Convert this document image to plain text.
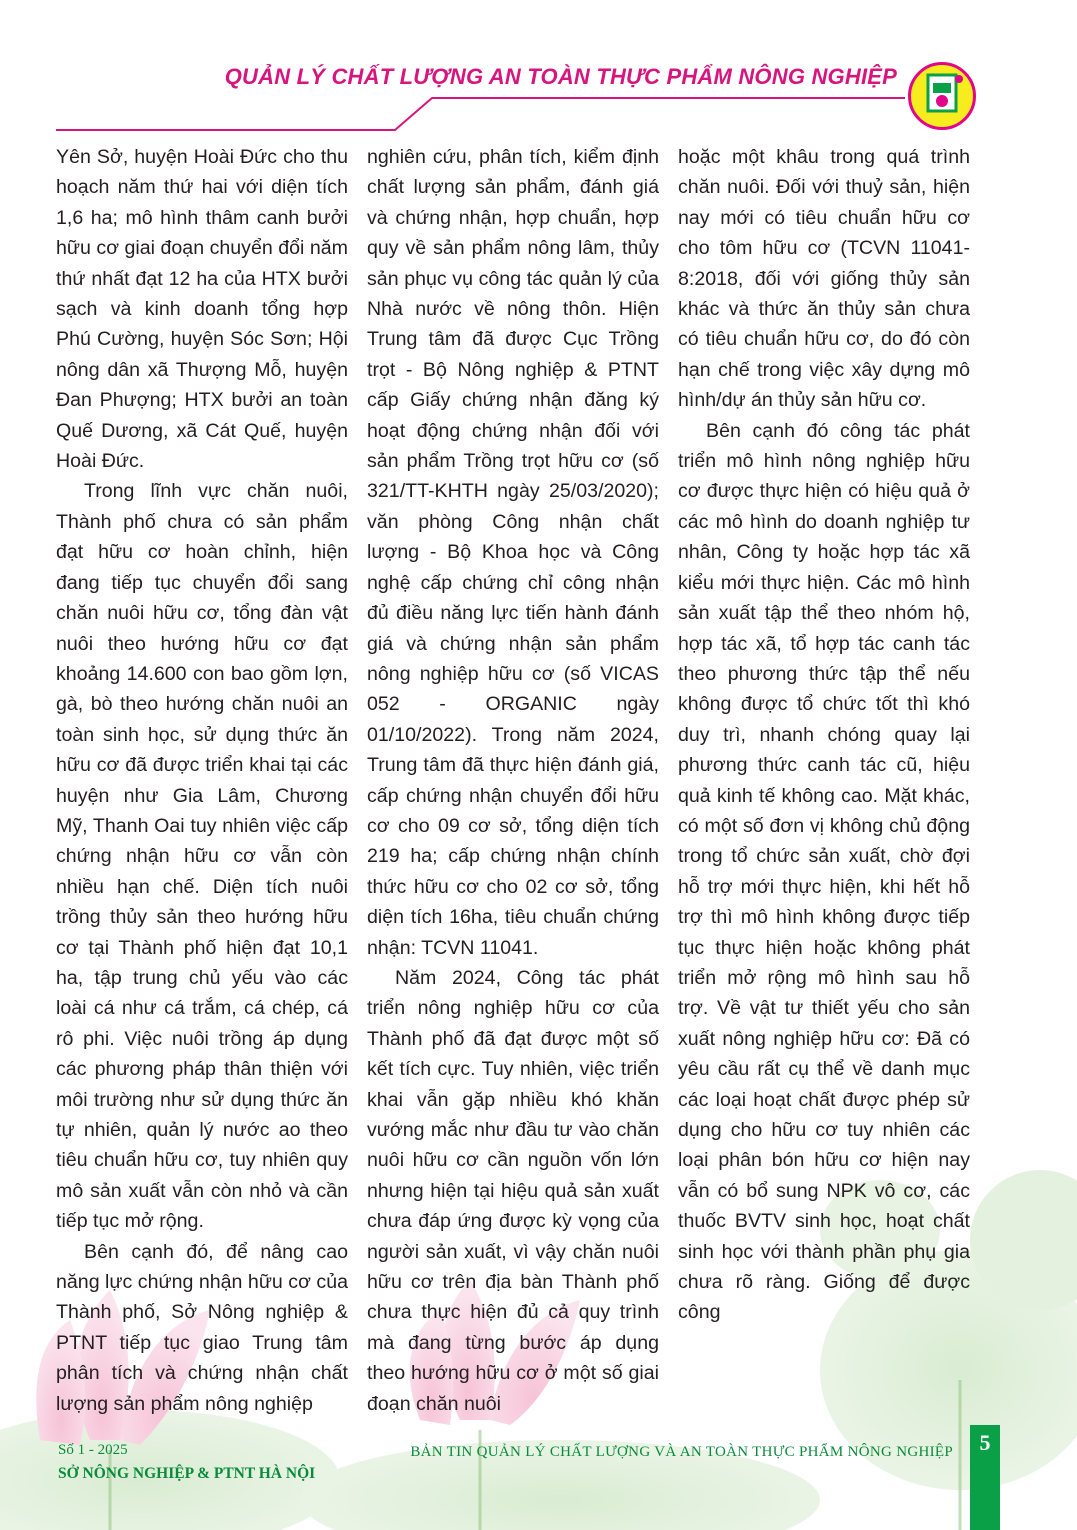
QUẢN LÝ CHẤT LƯỢNG AN TOÀN THỰC PHẨM NÔNG NGHIỆP

Yên Sở, huyện Hoài Đức cho thu hoạch năm thứ hai với diện tích 1,6 ha; mô hình thâm canh bưởi hữu cơ giai đoạn chuyển đổi năm thứ nhất đạt 12 ha của HTX bưởi sạch và kinh doanh tổng hợp Phú Cường, huyện Sóc Sơn; Hội nông dân xã Thượng Mỗ, huyện Đan Phượng; HTX bưởi an toàn Quế Dương, xã Cát Quế, huyện Hoài Đức.

Trong lĩnh vực chăn nuôi, Thành phố chưa có sản phẩm đạt hữu cơ hoàn chỉnh, hiện đang tiếp tục chuyển đổi sang chăn nuôi hữu cơ, tổng đàn vật nuôi theo hướng hữu cơ đạt khoảng 14.600 con bao gồm lợn, gà, bò theo hướng chăn nuôi an toàn sinh học, sử dụng thức ăn hữu cơ đã được triển khai tại các huyện như Gia Lâm, Chương Mỹ, Thanh Oai tuy nhiên việc cấp chứng nhận hữu cơ vẫn còn nhiều hạn chế. Diện tích nuôi trồng thủy sản theo hướng hữu cơ tại Thành phố hiện đạt 10,1 ha, tập trung chủ yếu vào các loài cá như cá trắm, cá chép, cá rô phi. Việc nuôi trồng áp dụng các phương pháp thân thiện với môi trường như sử dụng thức ăn tự nhiên, quản lý nước ao theo tiêu chuẩn hữu cơ, tuy nhiên quy mô sản xuất vẫn còn nhỏ và cần tiếp tục mở rộng.

Bên cạnh đó, để nâng cao năng lực chứng nhận hữu cơ của Thành phố, Sở Nông nghiệp & PTNT tiếp tục giao Trung tâm phân tích và chứng nhận chất lượng sản phẩm nông nghiệp

nghiên cứu, phân tích, kiểm định chất lượng sản phẩm, đánh giá và chứng nhận, hợp chuẩn, hợp quy về sản phẩm nông lâm, thủy sản phục vụ công tác quản lý của Nhà nước về nông thôn. Hiện Trung tâm đã được Cục Trồng trọt - Bộ Nông nghiệp & PTNT cấp Giấy chứng nhận đăng ký hoạt động chứng nhận đối với sản phẩm Trồng trọt hữu cơ (số 321/TT-KHTH ngày 25/03/2020); văn phòng Công nhận chất lượng - Bộ Khoa học và Công nghệ cấp chứng chỉ công nhận đủ điều năng lực tiến hành đánh giá và chứng nhận sản phẩm nông nghiệp hữu cơ (số VICAS 052 - ORGANIC ngày 01/10/2022). Trong năm 2024, Trung tâm đã thực hiện đánh giá, cấp chứng nhận chuyển đổi hữu cơ cho 09 cơ sở, tổng diện tích 219 ha; cấp chứng nhận chính thức hữu cơ cho 02 cơ sở, tổng diện tích 16ha, tiêu chuẩn chứng nhận: TCVN 11041.

Năm 2024, Công tác phát triển nông nghiệp hữu cơ của Thành phố đã đạt được một số kết tích cực. Tuy nhiên, việc triển khai vẫn gặp nhiều khó khăn vướng mắc như đầu tư vào chăn nuôi hữu cơ cần nguồn vốn lớn nhưng hiện tại hiệu quả sản xuất chưa đáp ứng được kỳ vọng của người sản xuất, vì vậy chăn nuôi hữu cơ trên địa bàn Thành phố chưa thực hiện đủ cả quy trình mà đang từng bước áp dụng theo hướng hữu cơ ở một số giai đoạn chăn nuôi

hoặc một khâu trong quá trình chăn nuôi. Đối với thuỷ sản, hiện nay mới có tiêu chuẩn hữu cơ cho tôm hữu cơ (TCVN 11041-8:2018, đối với giống thủy sản khác và thức ăn thủy sản chưa có tiêu chuẩn hữu cơ, do đó còn hạn chế trong việc xây dựng mô hình/dự án thủy sản hữu cơ.

Bên cạnh đó công tác phát triển mô hình nông nghiệp hữu cơ được thực hiện có hiệu quả ở các mô hình do doanh nghiệp tư nhân, Công ty hoặc hợp tác xã kiểu mới thực hiện. Các mô hình sản xuất tập thể theo nhóm hộ, hợp tác xã, tổ hợp tác canh tác theo phương thức tập thể nếu không được tổ chức tốt thì khó duy trì, nhanh chóng quay lại phương thức canh tác cũ, hiệu quả kinh tế không cao. Mặt khác, có một số đơn vị không chủ động trong tổ chức sản xuất, chờ đợi hỗ trợ mới thực hiện, khi hết hỗ trợ thì mô hình không được tiếp tục thực hiện hoặc không phát triển mở rộng mô hình sau hỗ trợ. Về vật tư thiết yếu cho sản xuất nông nghiệp hữu cơ: Đã có yêu cầu rất cụ thể về danh mục các loại hoạt chất được phép sử dụng cho hữu cơ tuy nhiên các loại phân bón hữu cơ hiện nay vẫn có bổ sung NPK vô cơ, các thuốc BVTV sinh học, hoạt chất sinh học với thành phần phụ gia chưa rõ ràng. Giống để được công

Số 1 - 2025
SỞ NÔNG NGHIỆP & PTNT HÀ NỘI
BẢN TIN QUẢN LÝ CHẤT LƯỢNG VÀ AN TOÀN THỰC PHẨM NÔNG NGHIỆP	5
